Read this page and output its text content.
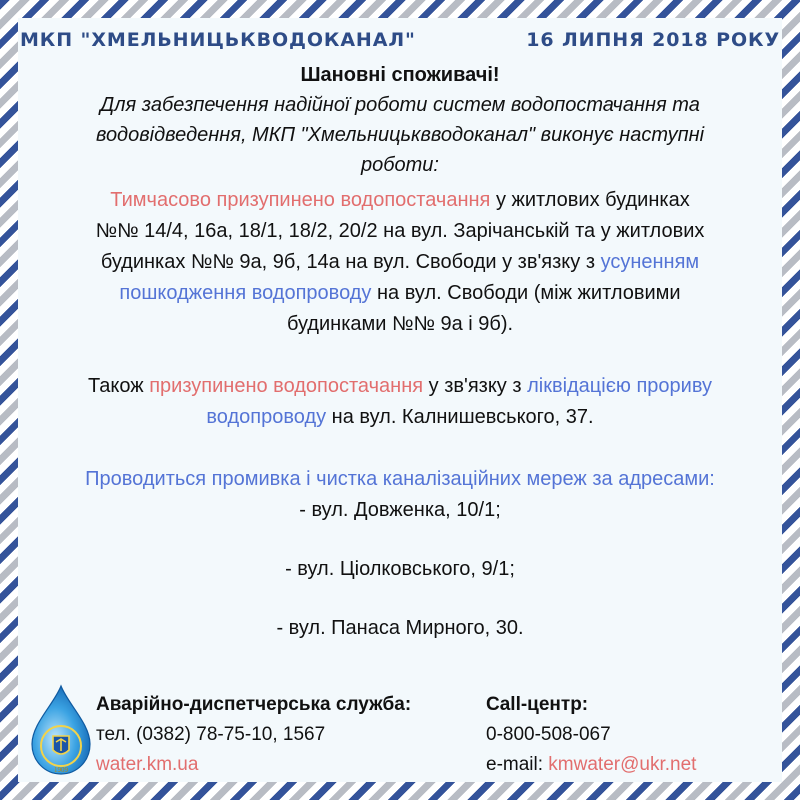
МКП "ХМЕЛЬНИЦЬКВОДОКАНАЛ"	16 ЛИПНЯ 2018 РОКУ
Шановні споживачі!
Для забезпечення надійної роботи систем водопостачання та
водовідведення, МКП "Хмельницьквводоканал" виконує наступні
роботи:
Тимчасово призупинено водопостачання у житлових будинках
№№ 14/4, 16а, 18/1, 18/2, 20/2 на вул. Зарічанській та у житлових
будинках №№ 9а, 9б, 14а на вул. Свободи у зв'язку з усуненням
пошкодження водопроводу на вул. Свободи (між житловими
будинками №№ 9а і 9б).
Також призупинено водопостачання у зв'язку з ліквідацією прориву
водопроводу на вул. Калнишевського, 37.
Проводиться промивка і чистка каналізаційних мереж за адресами:
- вул. Довженка, 10/1;
- вул. Ціолковського, 9/1;
- вул. Панаса Мирного, 30.
1909
Аварійно-диспетчерська служба:
тел. (0382) 78-75-10, 1567
water.km.ua
Call-центр:
0-800-508-067
e-mail: kmwater@ukr.net
